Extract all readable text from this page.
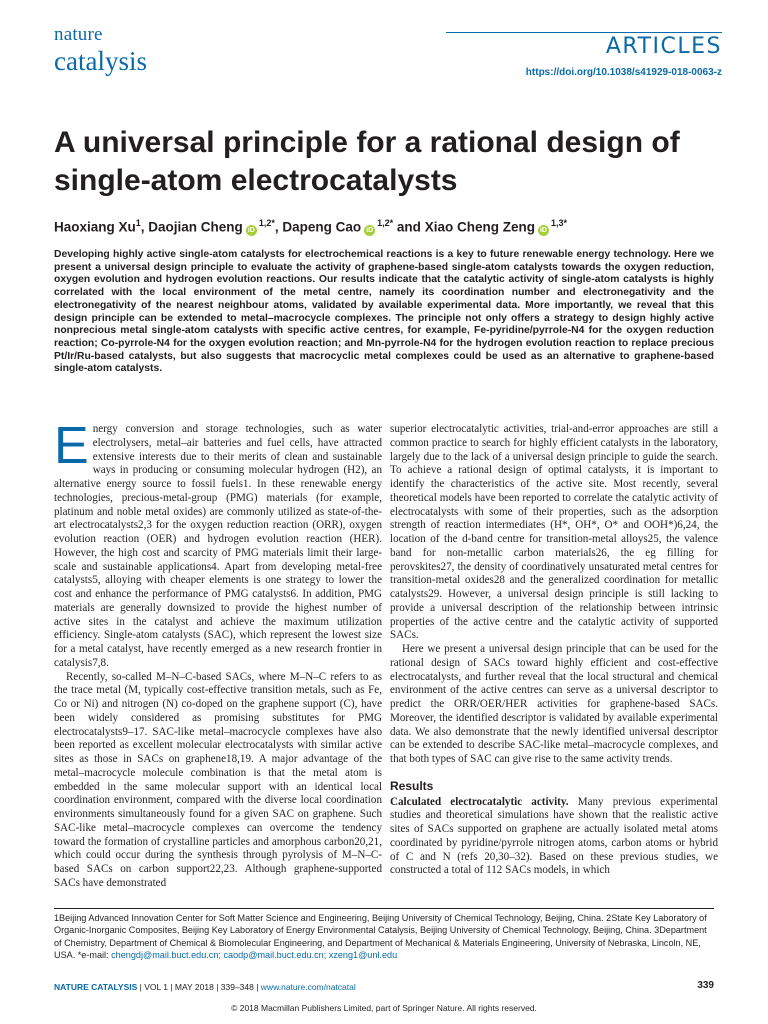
nature
catalysis	ARTICLES
https://doi.org/10.1038/s41929-018-0063-z
A universal principle for a rational design of single-atom electrocatalysts
Haoxiang Xu$^1$, Daojian Cheng $iD^{1,2*}$, Dapeng Cao $iD^{1,2*}$ and Xiao Cheng Zeng $iD^{1,3*}$
Developing highly active single-atom catalysts for electrochemical reactions is a key to future renewable energy technology. Here we present a universal design principle to evaluate the activity of graphene-based single-atom catalysts towards the oxygen reduction, oxygen evolution and hydrogen evolution reactions. Our results indicate that the catalytic activity of single-atom catalysts is highly correlated with the local environment of the metal centre, namely its coordination number and electronegativity and the electronegativity of the nearest neighbour atoms, validated by available experimental data. More importantly, we reveal that this design principle can be extended to metal–macrocycle complexes. The principle not only offers a strategy to design highly active nonprecious metal single-atom catalysts with specific active centres, for example, Fe-pyridine/pyrrole-N4 for the oxygen reduction reaction; Co-pyrrole-N4 for the oxygen evolution reaction; and Mn-pyrrole-N4 for the hydrogen evolution reaction to replace precious Pt/Ir/Ru-based catalysts, but also suggests that macrocyclic metal complexes could be used as an alternative to graphene-based single-atom catalysts.

Energy conversion and storage technologies, such as water electrolysers, metal–air batteries and fuel cells, have attracted extensive interests due to their merits of clean and sustainable ways in producing or consuming molecular hydrogen (H2), an alternative energy source to fossil fuels1. In these renewable energy technologies, precious-metal-group (PMG) materials (for example, platinum and noble metal oxides) are commonly utilized as state-of-the-art electrocatalysts2,3 for the oxygen reduction reaction (ORR), oxygen evolution reaction (OER) and hydrogen evolution reaction (HER). However, the high cost and scarcity of PMG materials limit their large-scale and sustainable applications4. Apart from developing metal-free catalysts5, alloying with cheaper elements is one strategy to lower the cost and enhance the performance of PMG catalysts6. In addition, PMG materials are generally downsized to provide the highest number of active sites in the catalyst and achieve the maximum utilization efficiency. Single-atom catalysts (SAC), which represent the lowest size for a metal catalyst, have recently emerged as a new research frontier in catalysis7,8.

Recently, so-called M–N–C-based SACs, where M–N–C refers to as the trace metal (M, typically cost-effective transition metals, such as Fe, Co or Ni) and nitrogen (N) co-doped on the graphene support (C), have been widely considered as promising substitutes for PMG electrocatalysts9–17. SAC-like metal–macrocycle complexes have also been reported as excellent molecular electrocatalysts with similar active sites as those in SACs on graphene18,19. A major advantage of the metal–macrocycle molecule combination is that the metal atom is embedded in the same molecular support with an identical local coordination environment, compared with the diverse local coordination environments simultaneously found for a given SAC on graphene. Such SAC-like metal–macrocycle complexes can overcome the tendency toward the formation of crystalline particles and amorphous carbon20,21, which could occur during the synthesis through pyrolysis of M–N–C-based SACs on carbon support22,23. Although graphene-supported SACs have demonstrated

superior electrocatalytic activities, trial-and-error approaches are still a common practice to search for highly efficient catalysts in the laboratory, largely due to the lack of a universal design principle to guide the search. To achieve a rational design of optimal catalysts, it is important to identify the characteristics of the active site. Most recently, several theoretical models have been reported to correlate the catalytic activity of electrocatalysts with some of their properties, such as the adsorption strength of reaction intermediates (H*, OH*, O* and OOH*)6,24, the location of the d-band centre for transition-metal alloys25, the valence band for non-metallic carbon materials26, the eg filling for perovskites27, the density of coordinatively unsaturated metal centres for transition-metal oxides28 and the generalized coordination for metallic catalysts29. However, a universal design principle is still lacking to provide a universal description of the relationship between intrinsic properties of the active centre and the catalytic activity of supported SACs.

Here we present a universal design principle that can be used for the rational design of SACs toward highly efficient and cost-effective electrocatalysts, and further reveal that the local structural and chemical environment of the active centres can serve as a universal descriptor to predict the ORR/OER/HER activities for graphene-based SACs. Moreover, the identified descriptor is validated by available experimental data. We also demonstrate that the newly identified universal descriptor can be extended to describe SAC-like metal–macrocycle complexes, and that both types of SAC can give rise to the same activity trends.

Results

Calculated electrocatalytic activity. Many previous experimental studies and theoretical simulations have shown that the realistic active sites of SACs supported on graphene are actually isolated metal atoms coordinated by pyridine/pyrrole nitrogen atoms, carbon atoms or hybrid of C and N (refs 20,30–32). Based on these previous studies, we constructed a total of 112 SACs models, in which

1Beijing Advanced Innovation Center for Soft Matter Science and Engineering, Beijing University of Chemical Technology, Beijing, China. 2State Key Laboratory of Organic-Inorganic Composites, Beijing Key Laboratory of Energy Environmental Catalysis, Beijing University of Chemical Technology, Beijing, China. 3Department of Chemistry, Department of Chemical & Biomolecular Engineering, and Department of Mechanical & Materials Engineering, University of Nebraska, Lincoln, NE, USA. *e-mail: chengdj@mail.buct.edu.cn; caodp@mail.buct.edu.cn; xzeng1@unl.edu
NATURE CATALYSIS | VOL 1 | MAY 2018 | 339–348 | www.nature.com/natcatal	339
© 2018 Macmillan Publishers Limited, part of Springer Nature. All rights reserved.
